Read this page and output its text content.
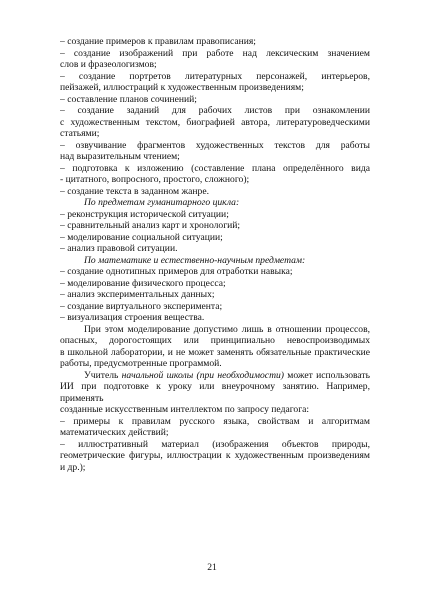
– создание примеров к правилам правописания;
– создание изображений при работе над лексическим значением
слов и фразеологизмов;
– создание портретов литературных персонажей, интерьеров,
пейзажей, иллюстраций к художественным произведениям;
– составление планов сочинений;
– создание заданий для рабочих листов при ознакомлении
с художественным текстом, биографией автора, литературоведческими
статьями;
– озвучивание фрагментов художественных текстов для работы
над выразительным чтением;
– подготовка к изложению (составление плана определённого вида
- цитатного, вопросного, простого, сложного);
– создание текста в заданном жанре.
По предметам гуманитарного цикла:
– реконструкция исторической ситуации;
– сравнительный анализ карт и хронологий;
– моделирование социальной ситуации;
– анализ правовой ситуации.
По математике и естественно-научным предметам:
– создание однотипных примеров для отработки навыка;
– моделирование физического процесса;
– анализ экспериментальных данных;
– создание виртуального эксперимента;
– визуализация строения вещества.
При этом моделирование допустимо лишь в отношении процессов,
опасных, дорогостоящих или принципиально невоспроизводимых
в школьной лаборатории, и не может заменять обязательные практические
работы, предусмотренные программой.
Учитель начальной школы (при необходимости) может использовать
ИИ при подготовке к уроку или внеурочному занятию. Например, применять
созданные искусственным интеллектом по запросу педагога:
– примеры к правилам русского языка, свойствам и алгоритмам
математических действий;
– иллюстративный материал (изображения объектов природы,
геометрические фигуры, иллюстрации к художественным произведениям
и др.);
21
